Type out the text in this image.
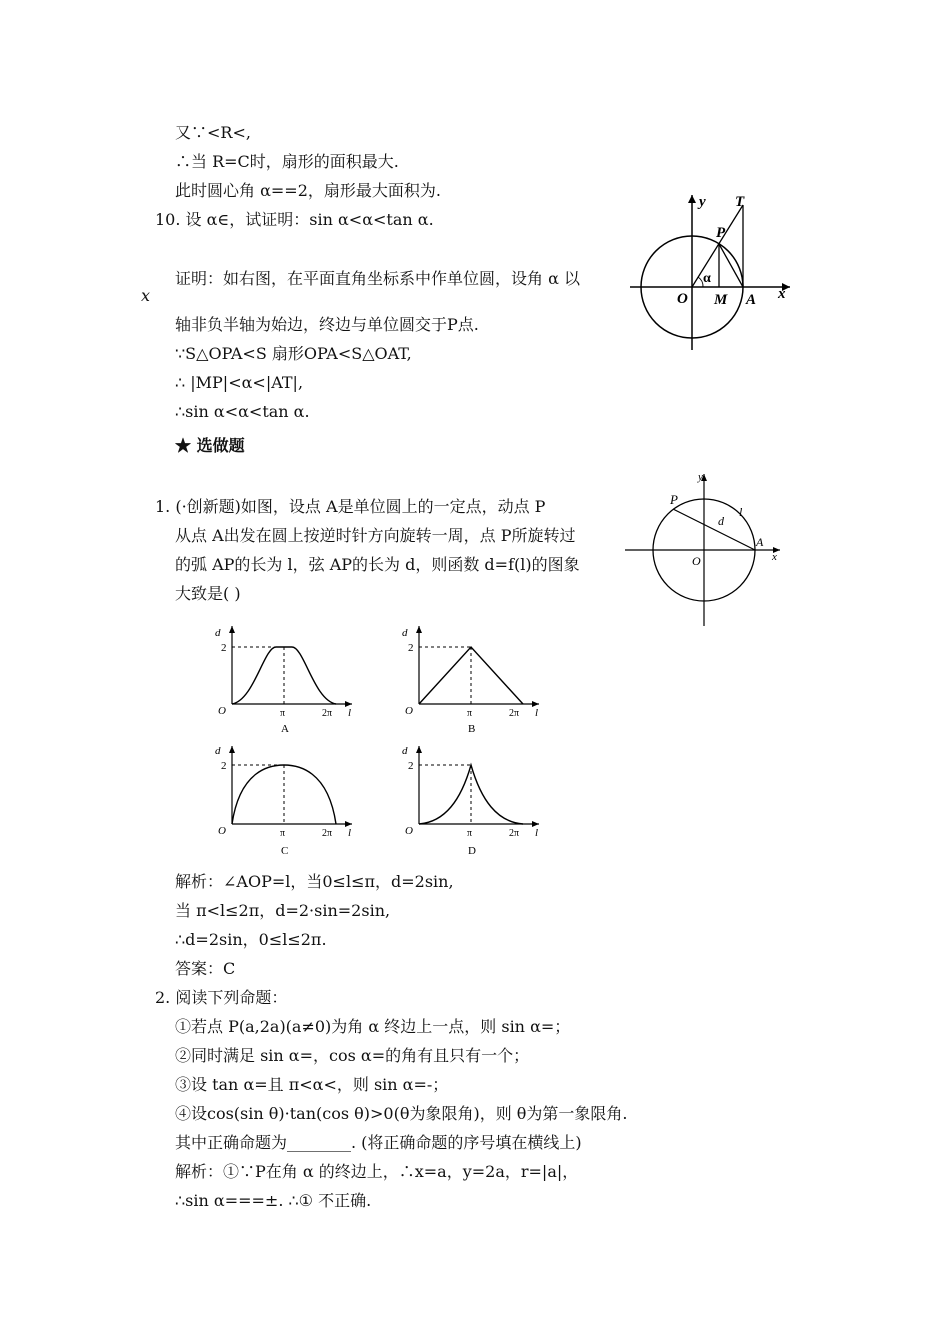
又∵<R<,
∴当 R=C时，扇形的面积最大.
此时圆心角 α==2，扇形最大面积为.
10. 设 α∈，试证明：sin α<α<tan α.
证明：如右图，在平面直角坐标系中作单位圆，设角 α 以
x
轴非负半轴为始边，终边与单位圆交于P点.
∵S△OPA<S 扇形OPA<S△OAT,
∴ |MP|<α<|AT|,
∴sin α<α<tan α.
★ 选做题
1. (·创新题)如图，设点 A是单位圆上的一定点，动点 P
从点 A出发在圆上按逆时针方向旋转一周，点 P所旋转过
的弧 AP的长为 l，弦 AP的长为 d，则函数 d=f(l)的图象
大致是( )
解析：∠AOP=l，当0≤l≤π，d=2sin,
当 π<l≤2π，d=2·sin=2sin,
∴d=2sin，0≤l≤2π.
答案：C
2. 阅读下列命题：
①若点 P(a,2a)(a≠0)为角 α 终边上一点，则 sin α=；
②同时满足 sin α=，cos α=的角有且只有一个；
③设 tan α=且 π<α<，则 sin α=-；
④设cos(sin θ)·tan(cos θ)>0(θ为象限角)，则 θ为第一象限角.
其中正确命题为________. (将正确命题的序号填在横线上)
解析：①∵P在角 α 的终边上，∴x=a，y=2a，r=|a|，
∴sin α===±. ∴① 不正确.
y T
P
α
O M A x
y
P
l
d
A
x
O
d
2
O	π	2π l
A
d
2
O	π	2π l
B
d
2
O	π	2π l
C
d
2
O	π	2π l
D
